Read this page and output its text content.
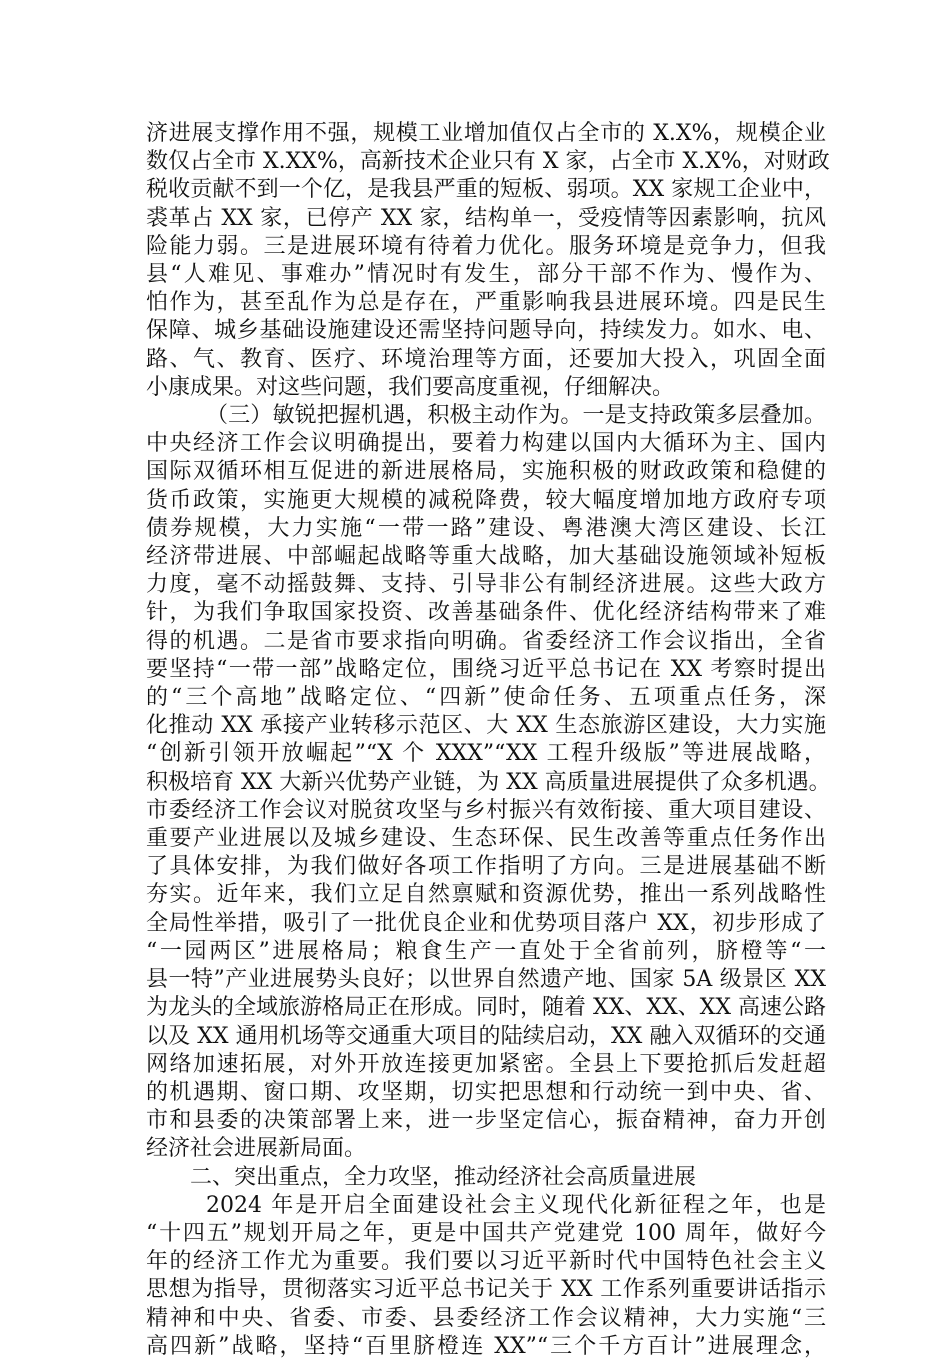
济进展支撑作用不强，规模工业增加值仅占全市的 X.X%，规模企业
数仅占全市 X.XX%，高新技术企业只有 X 家，占全市 X.X%，对财政
税收贡献不到一个亿，是我县严重的短板、弱项。XX 家规工企业中，
裘革占 XX 家，已停产 XX 家，结构单一，受疫情等因素影响，抗风
险能力弱。三是进展环境有待着力优化。服务环境是竞争力，但我
县“人难见、事难办”情况时有发生，部分干部不作为、慢作为、
怕作为，甚至乱作为总是存在，严重影响我县进展环境。四是民生
保障、城乡基础设施建设还需坚持问题导向，持续发力。如水、电、
路、气、教育、医疗、环境治理等方面，还要加大投入，巩固全面
小康成果。对这些问题，我们要高度重视，仔细解决。
（三）敏锐把握机遇，积极主动作为。一是支持政策多层叠加。
中央经济工作会议明确提出，要着力构建以国内大循环为主、国内
国际双循环相互促进的新进展格局，实施积极的财政政策和稳健的
货币政策，实施更大规模的减税降费，较大幅度增加地方政府专项
债券规模，大力实施“一带一路”建设、粤港澳大湾区建设、长江
经济带进展、中部崛起战略等重大战略，加大基础设施领域补短板
力度，毫不动摇鼓舞、支持、引导非公有制经济进展。这些大政方
针，为我们争取国家投资、改善基础条件、优化经济结构带来了难
得的机遇。二是省市要求指向明确。省委经济工作会议指出，全省
要坚持“一带一部”战略定位，围绕习近平总书记在 XX 考察时提出
的“三个高地”战略定位、“四新”使命任务、五项重点任务，深
化推动 XX 承接产业转移示范区、大 XX 生态旅游区建设，大力实施
“创新引领开放崛起”“X 个 XXX”“XX 工程升级版”等进展战略，
积极培育 XX 大新兴优势产业链，为 XX 高质量进展提供了众多机遇。
市委经济工作会议对脱贫攻坚与乡村振兴有效衔接、重大项目建设、
重要产业进展以及城乡建设、生态环保、民生改善等重点任务作出
了具体安排，为我们做好各项工作指明了方向。三是进展基础不断
夯实。近年来，我们立足自然禀赋和资源优势，推出一系列战略性
全局性举措，吸引了一批优良企业和优势项目落户 XX，初步形成了
“一园两区”进展格局；粮食生产一直处于全省前列，脐橙等“一
县一特”产业进展势头良好；以世界自然遗产地、国家 5A 级景区 XX
为龙头的全域旅游格局正在形成。同时，随着 XX、XX、XX 高速公路
以及 XX 通用机场等交通重大项目的陆续启动，XX 融入双循环的交通
网络加速拓展，对外开放连接更加紧密。全县上下要抢抓后发赶超
的机遇期、窗口期、攻坚期，切实把思想和行动统一到中央、省、
市和县委的决策部署上来，进一步坚定信心，振奋精神，奋力开创
经济社会进展新局面。
二、突出重点，全力攻坚，推动经济社会高质量进展
2024 年是开启全面建设社会主义现代化新征程之年，也是
“十四五”规划开局之年，更是中国共产党建党 100 周年，做好今
年的经济工作尤为重要。我们要以习近平新时代中国特色社会主义
思想为指导，贯彻落实习近平总书记关于 XX 工作系列重要讲话指示
精神和中央、省委、市委、县委经济工作会议精神，大力实施“三
高四新”战略，坚持“百里脐橙连 XX”“三个千方百计”进展理念，
